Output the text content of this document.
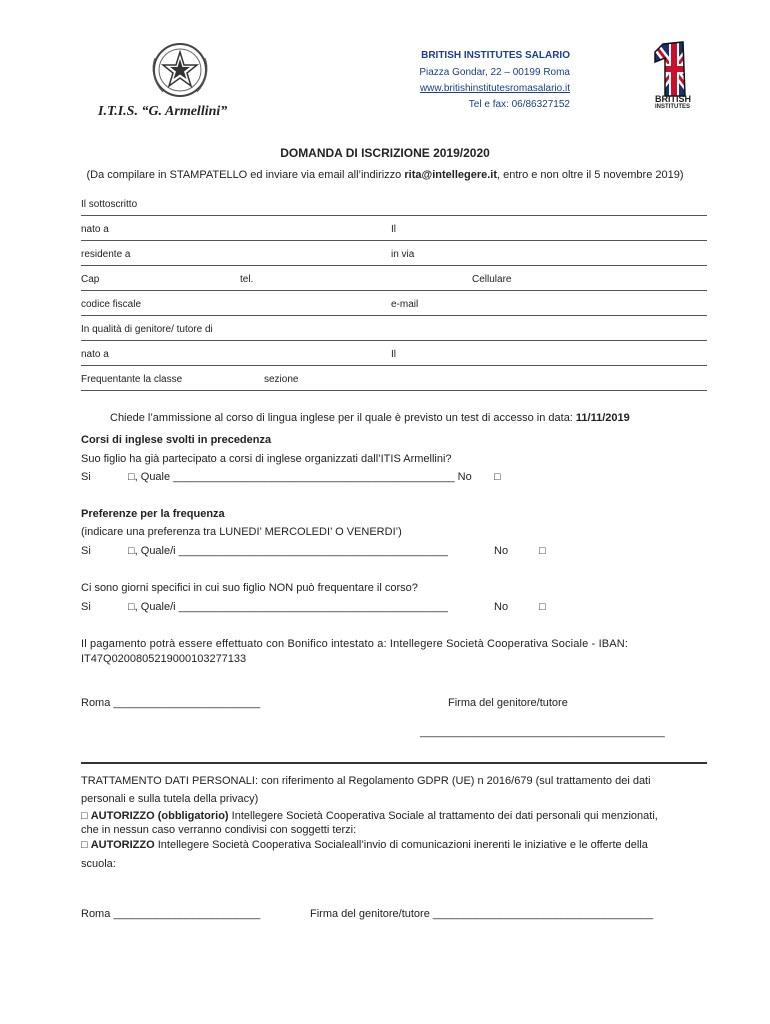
I.T.I.S. “G. Armellini”
BRITISH INSTITUTES SALARIO
Piazza Gondar, 22 – 00199 Roma
www.britishinstitutesromasalario.it
Tel e fax: 06/86327152	BRITISH
INSTITUTES
DOMANDA DI ISCRIZIONE 2019/2020
(Da compilare in STAMPATELLO ed inviare via email all’indirizzo rita@intellegere.it, entro e non oltre il 5 novembre 2019)
Il sottoscritto
nato a	Il
residente a	in via
Cap	tel.	Cellulare
codice fiscale	e-mail
In qualità di genitore/ tutore di
nato a	Il
Frequentante la classe	sezione
Chiede l’ammissione al corso di lingua inglese per il quale è previsto un test di accesso in data: 11/11/2019
Corsi di inglese svolti in precedenza
Suo figlio ha già partecipato a corsi di inglese organizzati dall’ITIS Armellini?
Si	□, Quale ______________________________________________ No □
Preferenze per la frequenza
(indicare una preferenza tra LUNEDI’ MERCOLEDI’ O VENERDI’)
Si	□, Quale/i ____________________________________________	No	□
Ci sono giorni specifici in cui suo figlio NON può frequentare il corso?
Si	□, Quale/i ____________________________________________	No	□
Il pagamento potrà essere effettuato con Bonifico intestato a: Intellegere Società Cooperativa Sociale - IBAN:
IT47Q0200805219000103277133
Roma ________________________	Firma del genitore/tutore
________________________________________
TRATTAMENTO DATI PERSONALI: con riferimento al Regolamento GDPR (UE) n 2016/679 (sul trattamento dei dati
personali e sulla tutela della privacy)
□ AUTORIZZO (obbligatorio) Intellegere Società Cooperativa Sociale al trattamento dei dati personali qui menzionati,
che in nessun caso verranno condivisi con soggetti terzi:
□ AUTORIZZO Intellegere Società Cooperativa Socialeall’invio di comunicazioni inerenti le iniziative e le offerte della
scuola:
Roma ________________________	Firma del genitore/tutore ____________________________________
